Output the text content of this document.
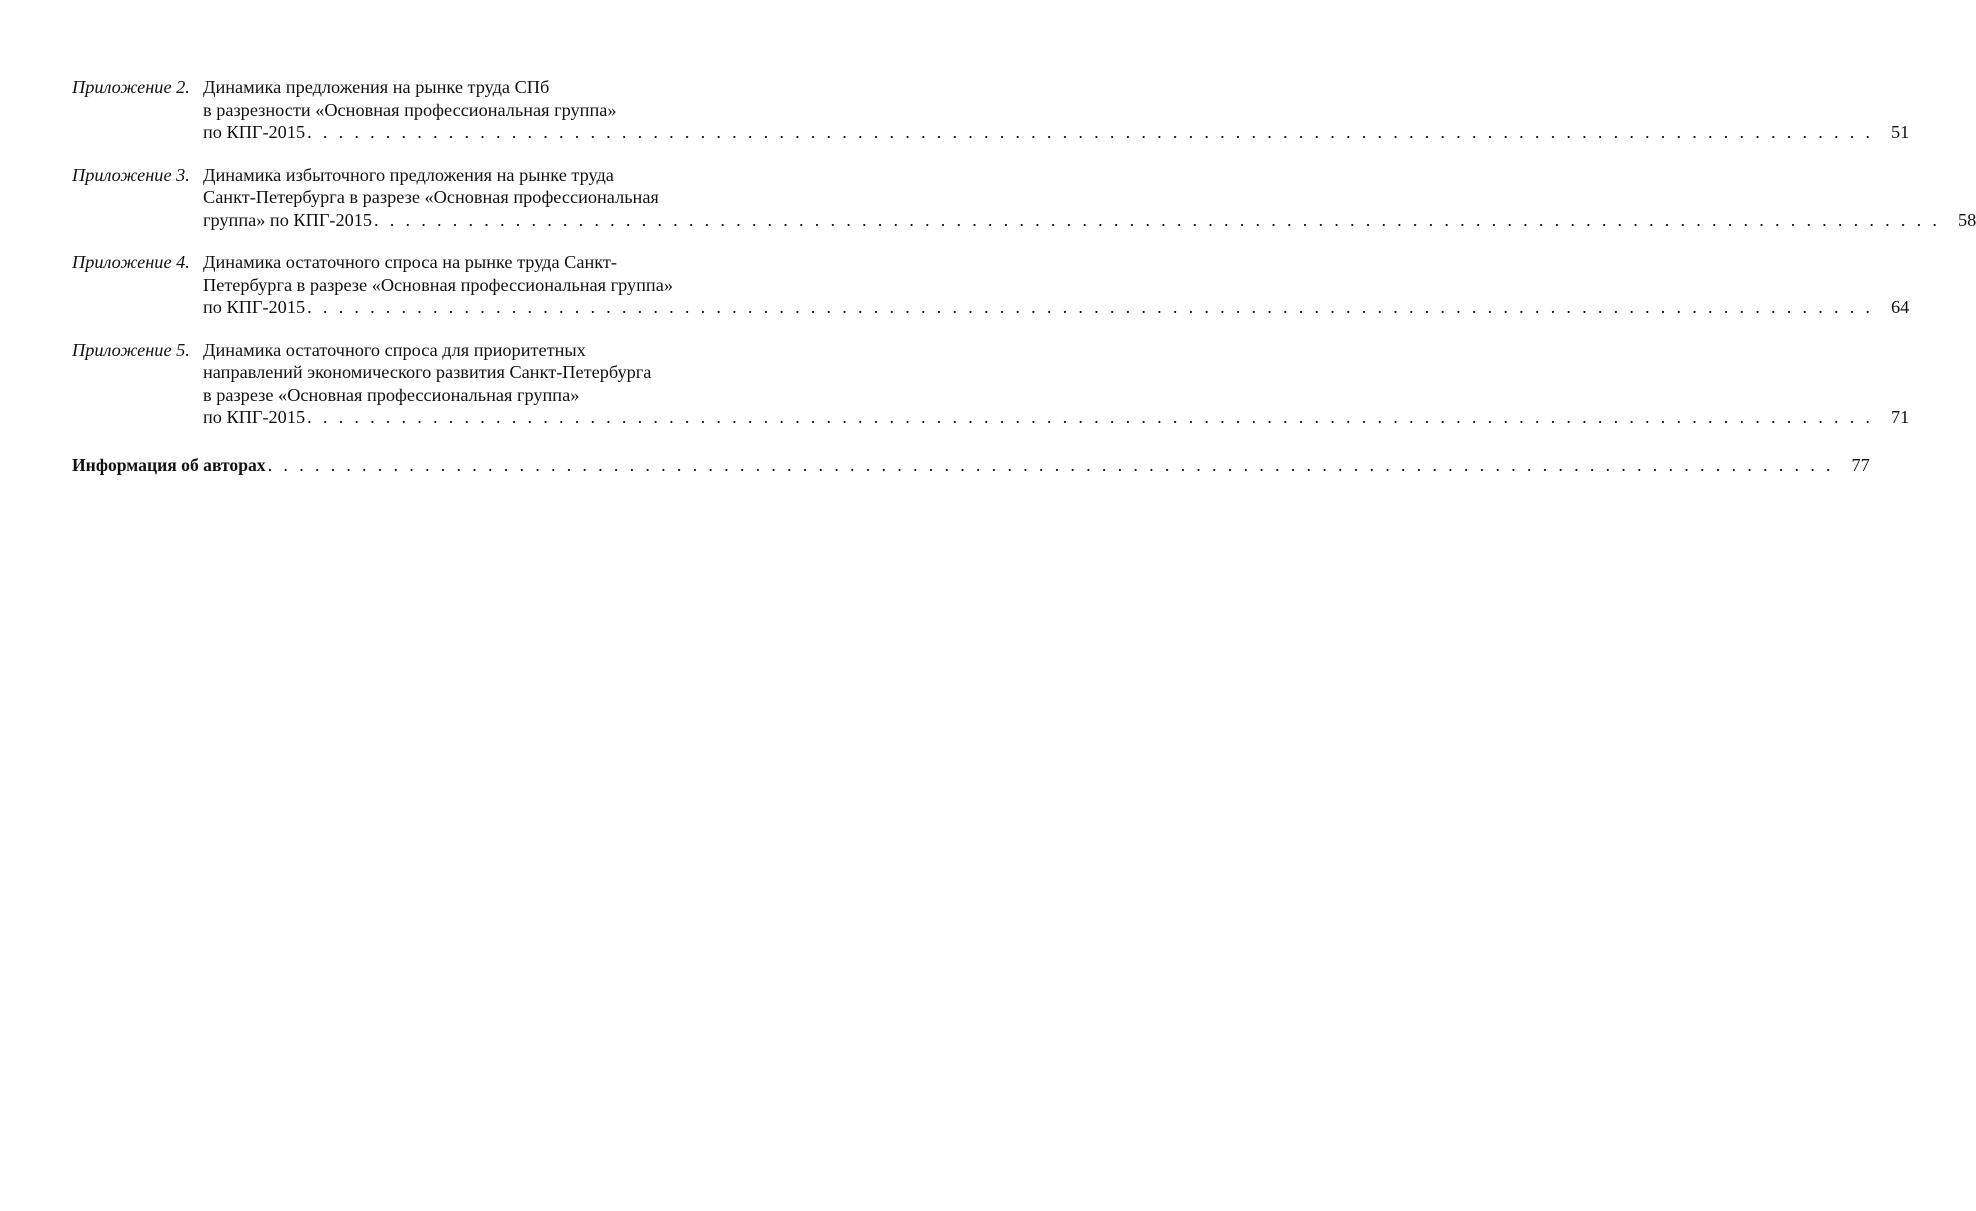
Приложение 2. Динамика предложения на рынке труда СПб
в разрезности «Основная профессиональная группа»
по КПГ-2015 . . . . . . . . . . . . . . . . . . . . . . . . . . . . . . . . . . . . . . . . . . . . . . . . . . . . . . . . . . . . . . . . . . . . . . . . . . . . . . . . . . . . . . . . . . . . . . . . . . . . 51
Приложение 3. Динамика избыточного предложения на рынке труда
Санкт-Петербурга в разрезе «Основная профессиональная
группа» по КПГ-2015 . . . . . . . . . . . . . . . . . . . . . . . . . . . . . . . . . . . . . . . . . . . . . . . . . . . . . . . . . . . . . . . . . . . . . . . . . . . . . . . . . . . . . . . . . . . . . . . . . . . . 58
Приложение 4. Динамика остаточного спроса на рынке труда Санкт-
Петербурга в разрезе «Основная профессиональная группа»
по КПГ-2015 . . . . . . . . . . . . . . . . . . . . . . . . . . . . . . . . . . . . . . . . . . . . . . . . . . . . . . . . . . . . . . . . . . . . . . . . . . . . . . . . . . . . . . . . . . . . . . . . . . . . 64
Приложение 5. Динамика остаточного спроса для приоритетных
направлений экономического развития Санкт-Петербурга
в разрезе «Основная профессиональная группа»
по КПГ-2015 . . . . . . . . . . . . . . . . . . . . . . . . . . . . . . . . . . . . . . . . . . . . . . . . . . . . . . . . . . . . . . . . . . . . . . . . . . . . . . . . . . . . . . . . . . . . . . . . . . . . 71
Информация об авторах . . . . . . . . . . . . . . . . . . . . . . . . . . . . . . . . . . . . . . . . . . . . . . . . . . . . . . . . . . . . . . . . . . . . . . . . . . . . . . . . . . . . . . . . . . . . . . . . . . . . 77
